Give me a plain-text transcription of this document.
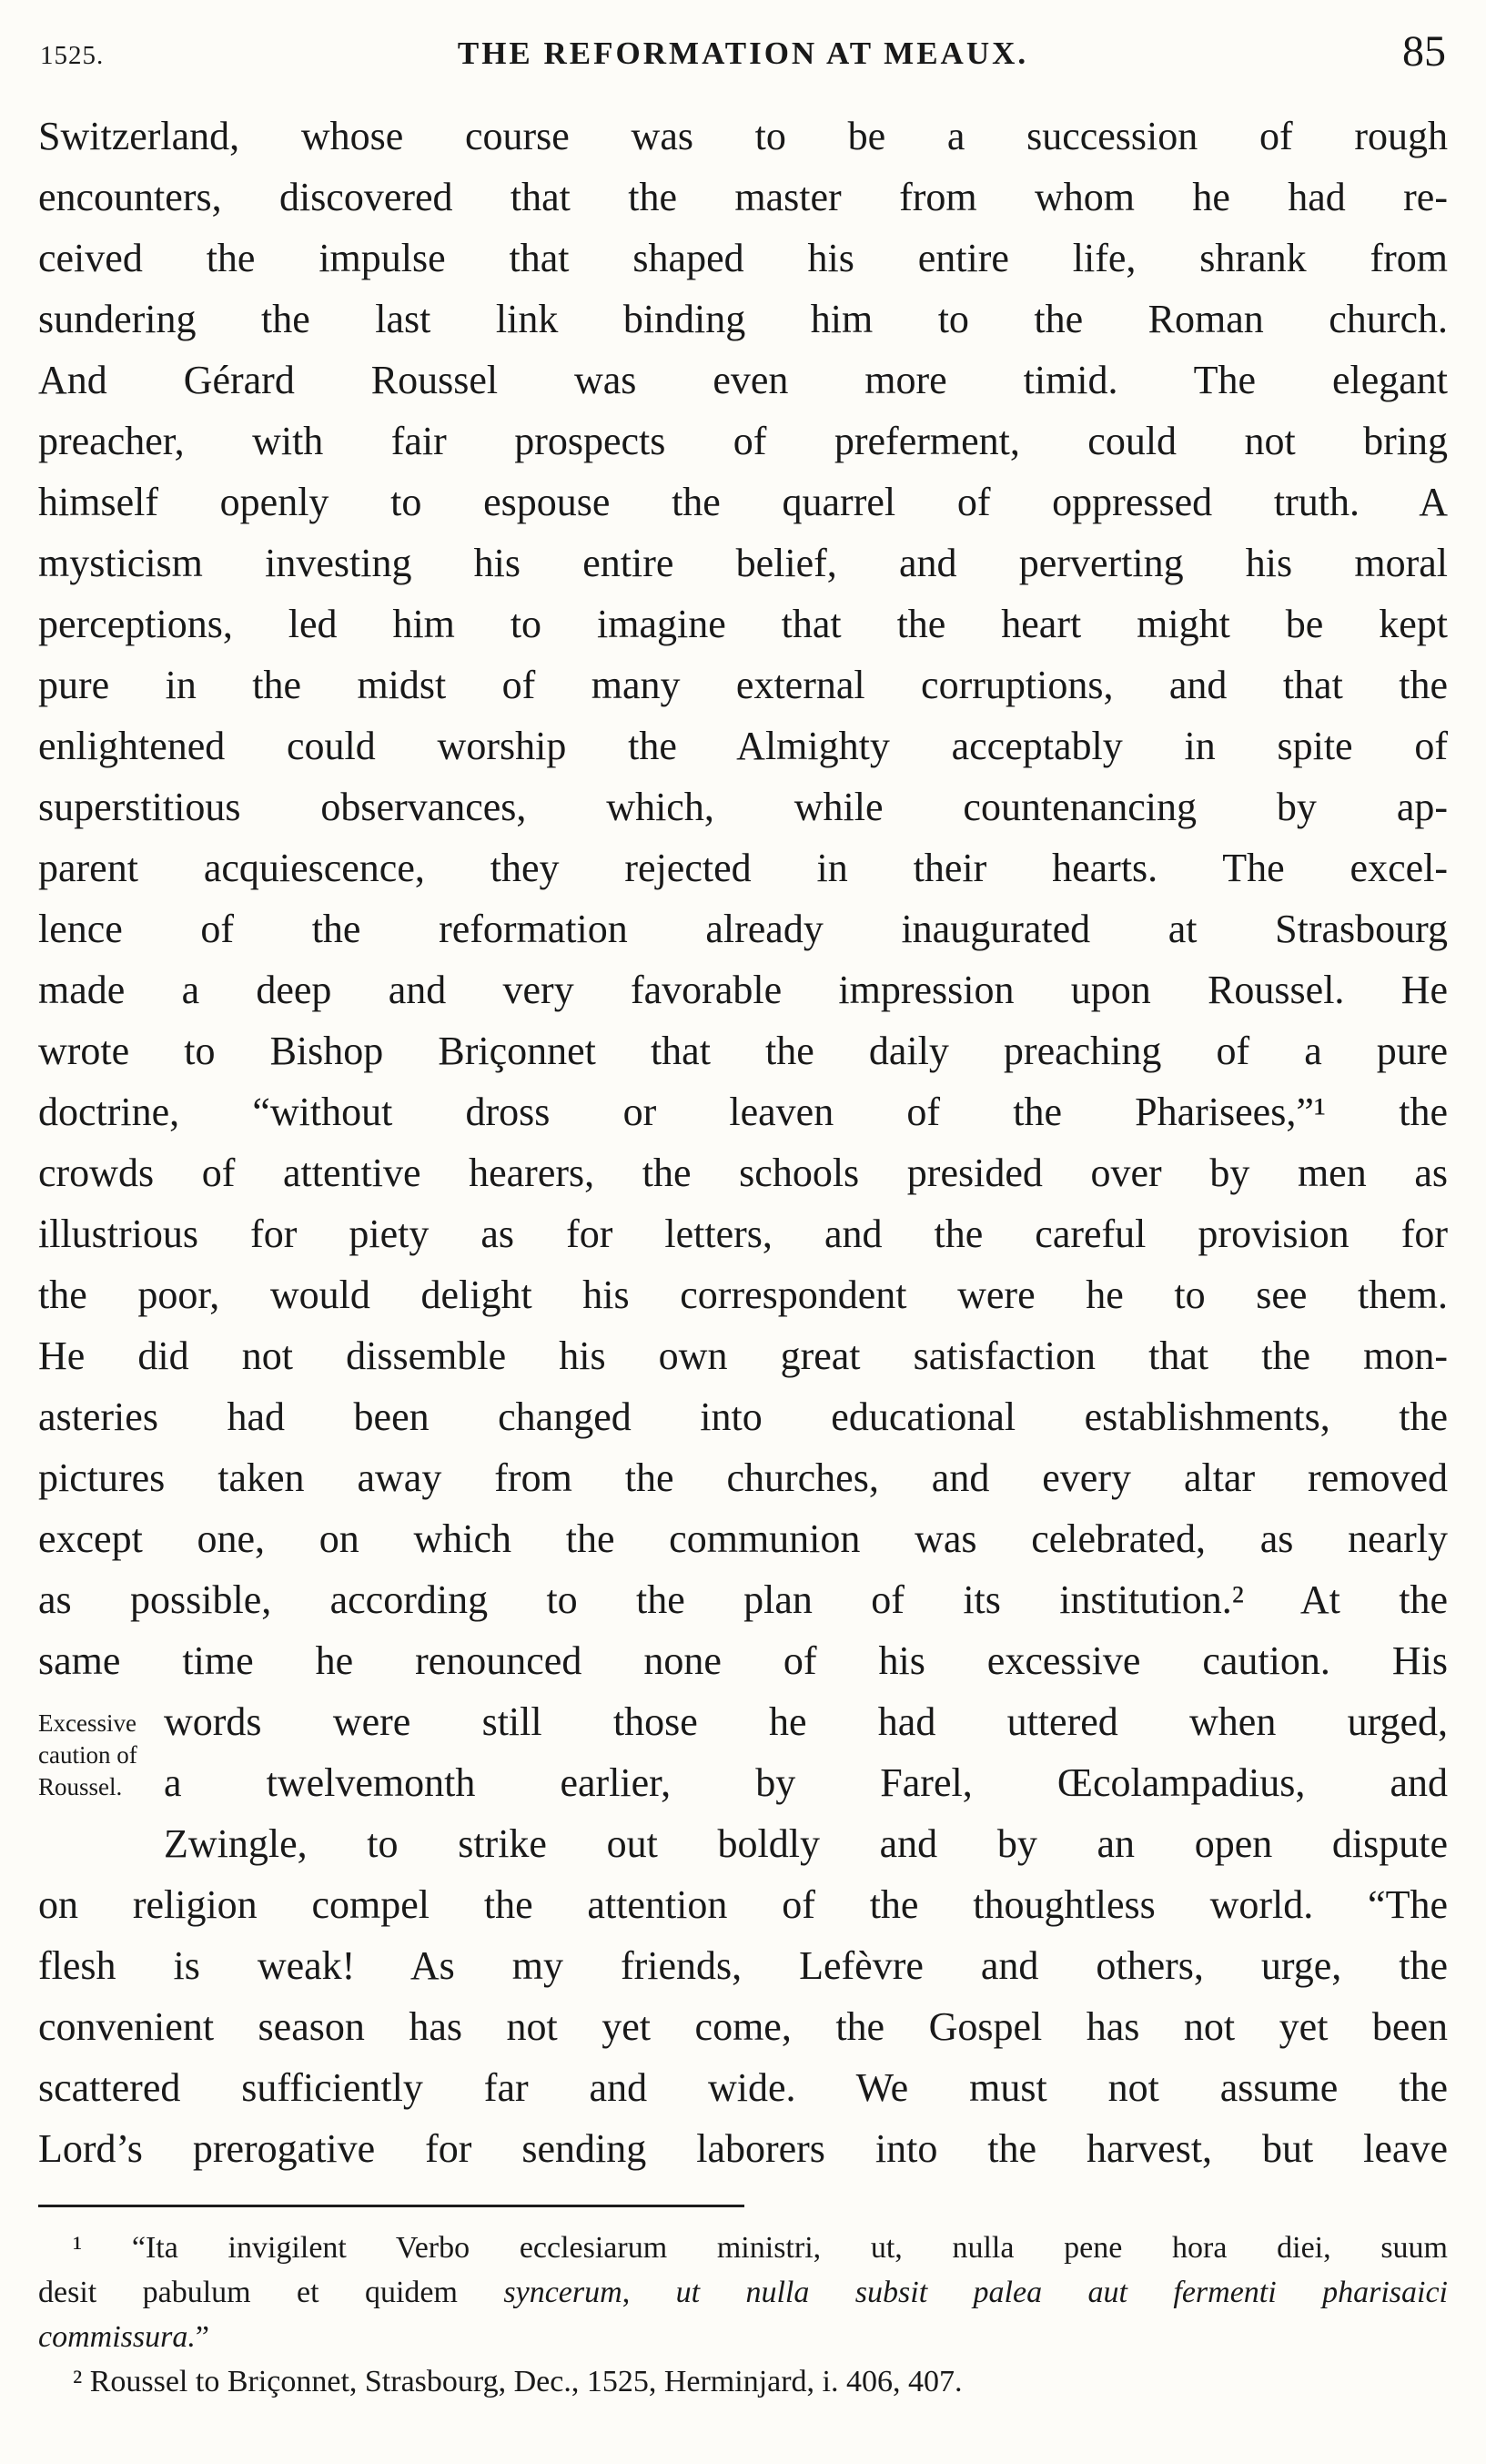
1525.	THE REFORMATION AT MEAUX.	85
Switzerland, whose course was to be a succession of rough
encounters, discovered that the master from whom he had re-
ceived the impulse that shaped his entire life, shrank from
sundering the last link binding him to the Roman church.
And Gérard Roussel was even more timid. The elegant
preacher, with fair prospects of preferment, could not bring
himself openly to espouse the quarrel of oppressed truth. A
mysticism investing his entire belief, and perverting his moral
perceptions, led him to imagine that the heart might be kept
pure in the midst of many external corruptions, and that the
enlightened could worship the Almighty acceptably in spite of
superstitious observances, which, while countenancing by ap-
parent acquiescence, they rejected in their hearts. The excel-
lence of the reformation already inaugurated at Strasbourg
made a deep and very favorable impression upon Roussel. He
wrote to Bishop Briçonnet that the daily preaching of a pure
doctrine, “without dross or leaven of the Pharisees,”¹ the
crowds of attentive hearers, the schools presided over by men as
illustrious for piety as for letters, and the careful provision for
the poor, would delight his correspondent were he to see them.
He did not dissemble his own great satisfaction that the mon-
asteries had been changed into educational establishments, the
pictures taken away from the churches, and every altar removed
except one, on which the communion was celebrated, as nearly
as possible, according to the plan of its institution.² At the
same time he renounced none of his excessive caution. His
Excessive
caution of
Roussel.
words were still those he had uttered when urged,
a twelvemonth earlier, by Farel, Œcolampadius, and
Zwingle, to strike out boldly and by an open dispute
on religion compel the attention of the thoughtless world. “The
flesh is weak! As my friends, Lefèvre and others, urge, the
convenient season has not yet come, the Gospel has not yet been
scattered sufficiently far and wide. We must not assume the
Lord’s prerogative for sending laborers into the harvest, but leave
¹ “Ita invigilent Verbo ecclesiarum ministri, ut, nulla pene hora diei, suum
desit pabulum et quidem syncerum, ut nulla subsit palea aut fermenti pharisaici
commissura.”
² Roussel to Briçonnet, Strasbourg, Dec., 1525, Herminjard, i. 406, 407.
